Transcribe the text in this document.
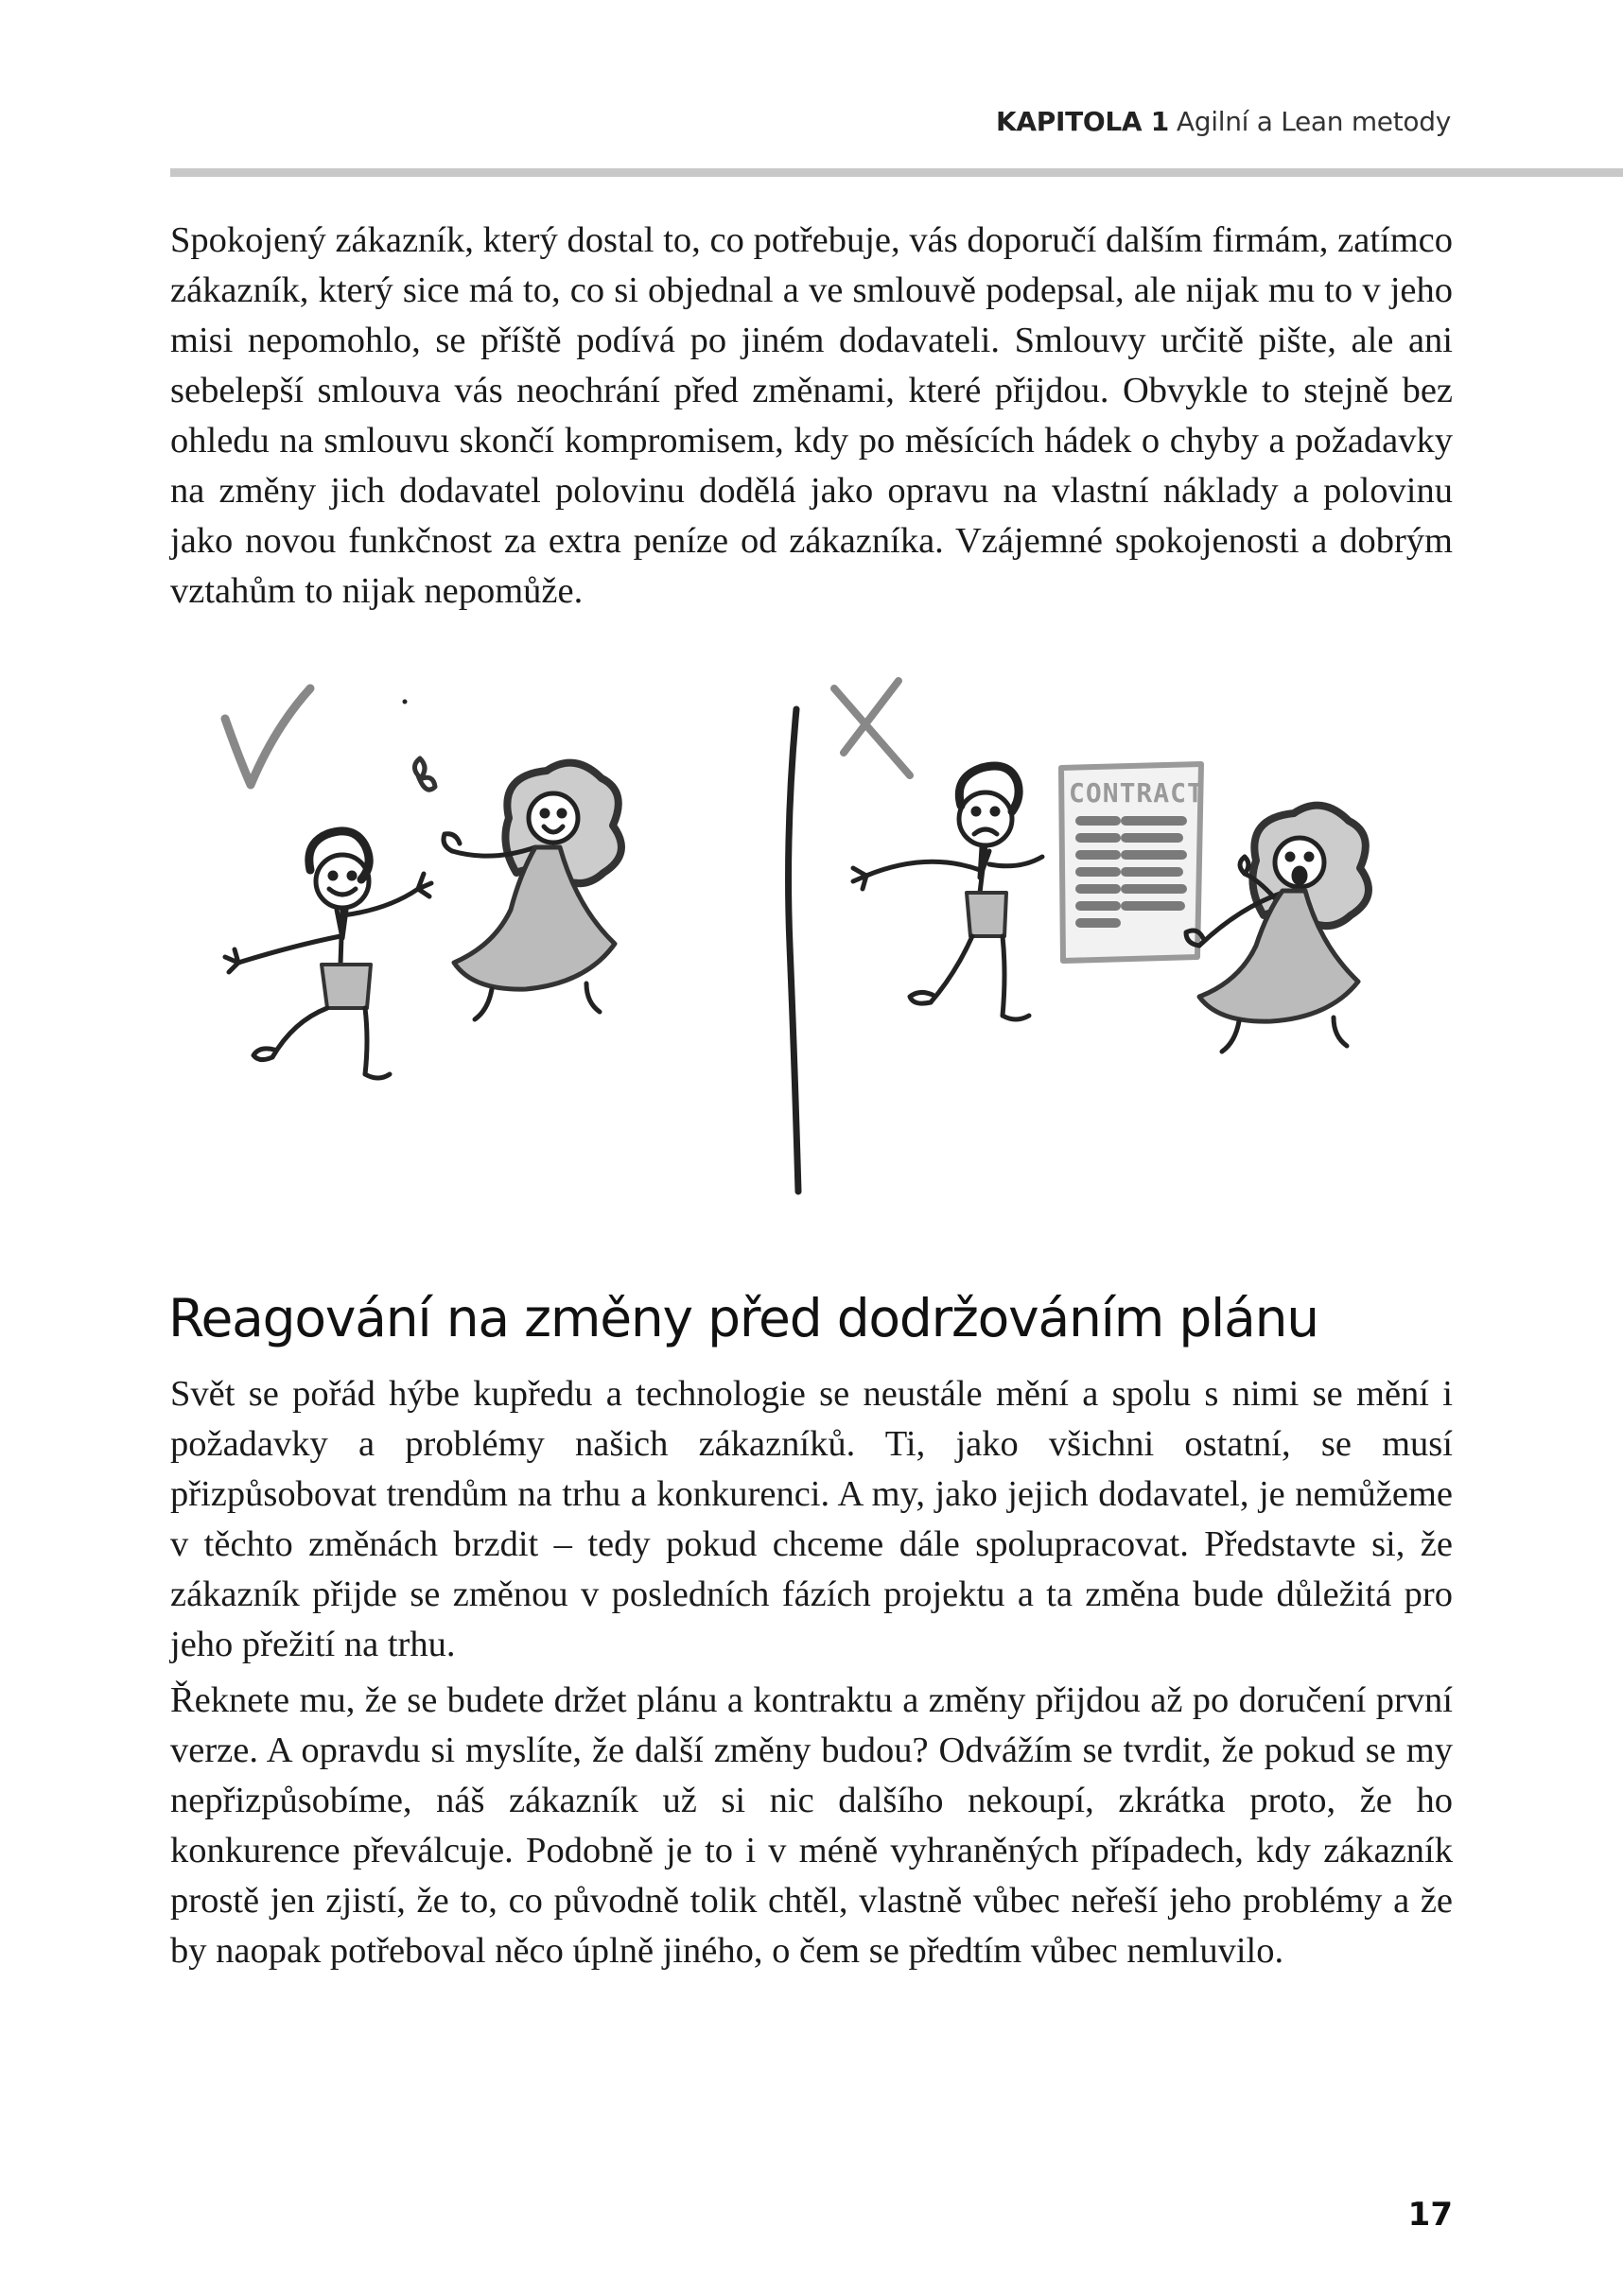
KAPITOLA 1 Agilní a Lean metody

Spokojený zákazník, který dostal to, co potřebuje, vás doporučí dalším firmám, zatímco zákazník, který sice má to, co si objednal a ve smlouvě podepsal, ale nijak mu to v jeho misi nepomohlo, se příště podívá po jiném dodavateli. Smlouvy určitě pište, ale ani sebelepší smlouva vás neochrání před změnami, které přijdou. Obvykle to stejně bez ohledu na smlouvu skončí kompromisem, kdy po měsících hádek o chyby a požadavky na změny jich dodavatel polovinu dodělá jako opravu na vlastní náklady a polovinu jako novou funkčnost za extra peníze od zákazníka. Vzájemné spokojenosti a dobrým vztahům to nijak nepomůže.

CONTRACT
Reagování na změny před dodržováním plánu

Svět se pořád hýbe kupředu a technologie se neustále mění a spolu s nimi se mění i požadavky a problémy našich zákazníků. Ti, jako všichni ostatní, se musí přizpůsobovat trendům na trhu a konkurenci. A my, jako jejich dodavatel, je nemůžeme v těchto změnách brzdit – tedy pokud chceme dále spolupracovat. Představte si, že zákazník přijde se změnou v posledních fázích projektu a ta změna bude důležitá pro jeho přežití na trhu.

Řeknete mu, že se budete držet plánu a kontraktu a změny přijdou až po doručení první verze. A opravdu si myslíte, že další změny budou? Odvážím se tvrdit, že pokud se my nepřizpůsobíme, náš zákazník už si nic dalšího nekoupí, zkrátka proto, že ho konkurence převálcuje. Podobně je to i v méně vyhraněných případech, kdy zákazník prostě jen zjistí, že to, co původně tolik chtěl, vlastně vůbec neřeší jeho problémy a že by naopak potřeboval něco úplně jiného, o čem se předtím vůbec nemluvilo.

17
